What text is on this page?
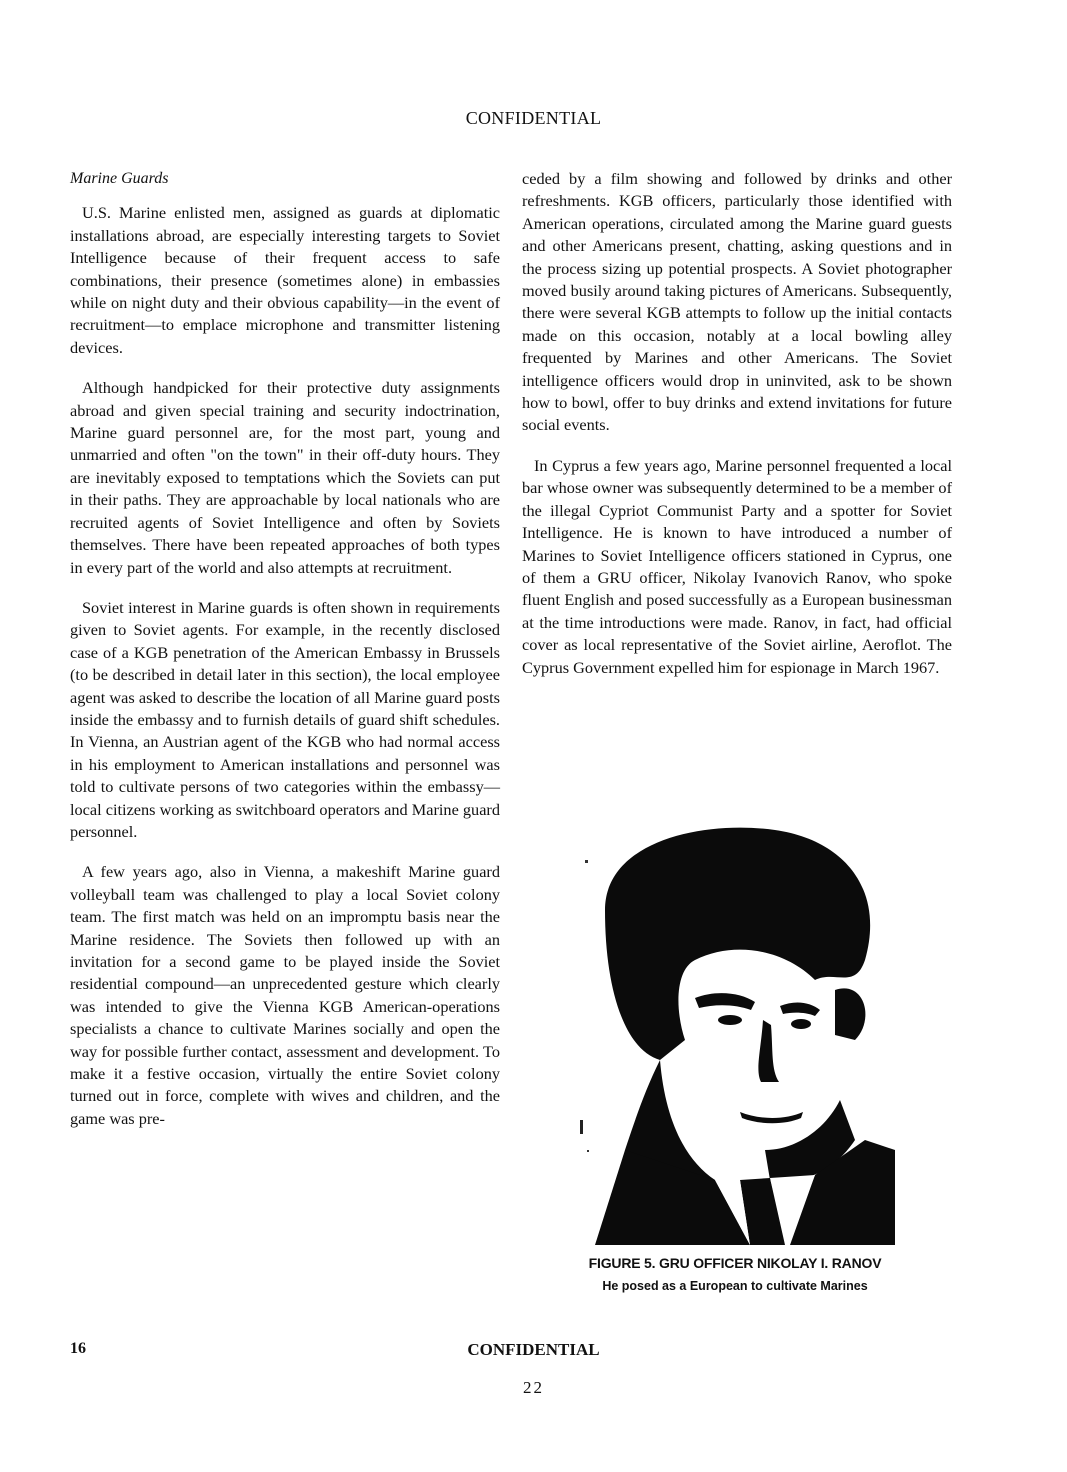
CONFIDENTIAL
Marine Guards

U.S. Marine enlisted men, assigned as guards at diplomatic installations abroad, are especially interesting targets to Soviet Intelligence because of their frequent access to safe combinations, their presence (sometimes alone) in embassies while on night duty and their obvious capability—in the event of recruitment—to emplace microphone and transmitter listening devices.

Although handpicked for their protective duty assignments abroad and given special training and security indoctrination, Marine guard personnel are, for the most part, young and unmarried and often "on the town" in their off-duty hours. They are inevitably exposed to temptations which the Soviets can put in their paths. They are approachable by local nationals who are recruited agents of Soviet Intelligence and often by Soviets themselves. There have been repeated approaches of both types in every part of the world and also attempts at recruitment.

Soviet interest in Marine guards is often shown in requirements given to Soviet agents. For example, in the recently disclosed case of a KGB penetration of the American Embassy in Brussels (to be described in detail later in this section), the local employee agent was asked to describe the location of all Marine guard posts inside the embassy and to furnish details of guard shift schedules. In Vienna, an Austrian agent of the KGB who had normal access in his employment to American installations and personnel was told to cultivate persons of two categories within the embassy—local citizens working as switchboard operators and Marine guard personnel.

A few years ago, also in Vienna, a makeshift Marine guard volleyball team was challenged to play a local Soviet colony team. The first match was held on an impromptu basis near the Marine residence. The Soviets then followed up with an invitation for a second game to be played inside the Soviet residential compound—an unprecedented gesture which clearly was intended to give the Vienna KGB American-operations specialists a chance to cultivate Marines socially and open the way for possible further contact, assessment and development. To make it a festive occasion, virtually the entire Soviet colony turned out in force, complete with wives and children, and the game was pre-

ceded by a film showing and followed by drinks and other refreshments. KGB officers, particularly those identified with American operations, circulated among the Marine guard guests and other Americans present, chatting, asking questions and in the process sizing up potential prospects. A Soviet photographer moved busily around taking pictures of Americans. Subsequently, there were several KGB attempts to follow up the initial contacts made on this occasion, notably at a local bowling alley frequented by Marines and other Americans. The Soviet intelligence officers would drop in uninvited, ask to be shown how to bowl, offer to buy drinks and extend invitations for future social events.

In Cyprus a few years ago, Marine personnel frequented a local bar whose owner was subsequently determined to be a member of the illegal Cypriot Communist Party and a spotter for Soviet Intelligence. He is known to have introduced a number of Marines to Soviet Intelligence officers stationed in Cyprus, one of them a GRU officer, Nikolay Ivanovich Ranov, who spoke fluent English and posed successfully as a European businessman at the time introductions were made. Ranov, in fact, had official cover as local representative of the Soviet airline, Aeroflot. The Cyprus Government expelled him for espionage in March 1967.

FIGURE 5. GRU OFFICER NIKOLAY I. RANOV
He posed as a European to cultivate Marines
16	CONFIDENTIAL
22
